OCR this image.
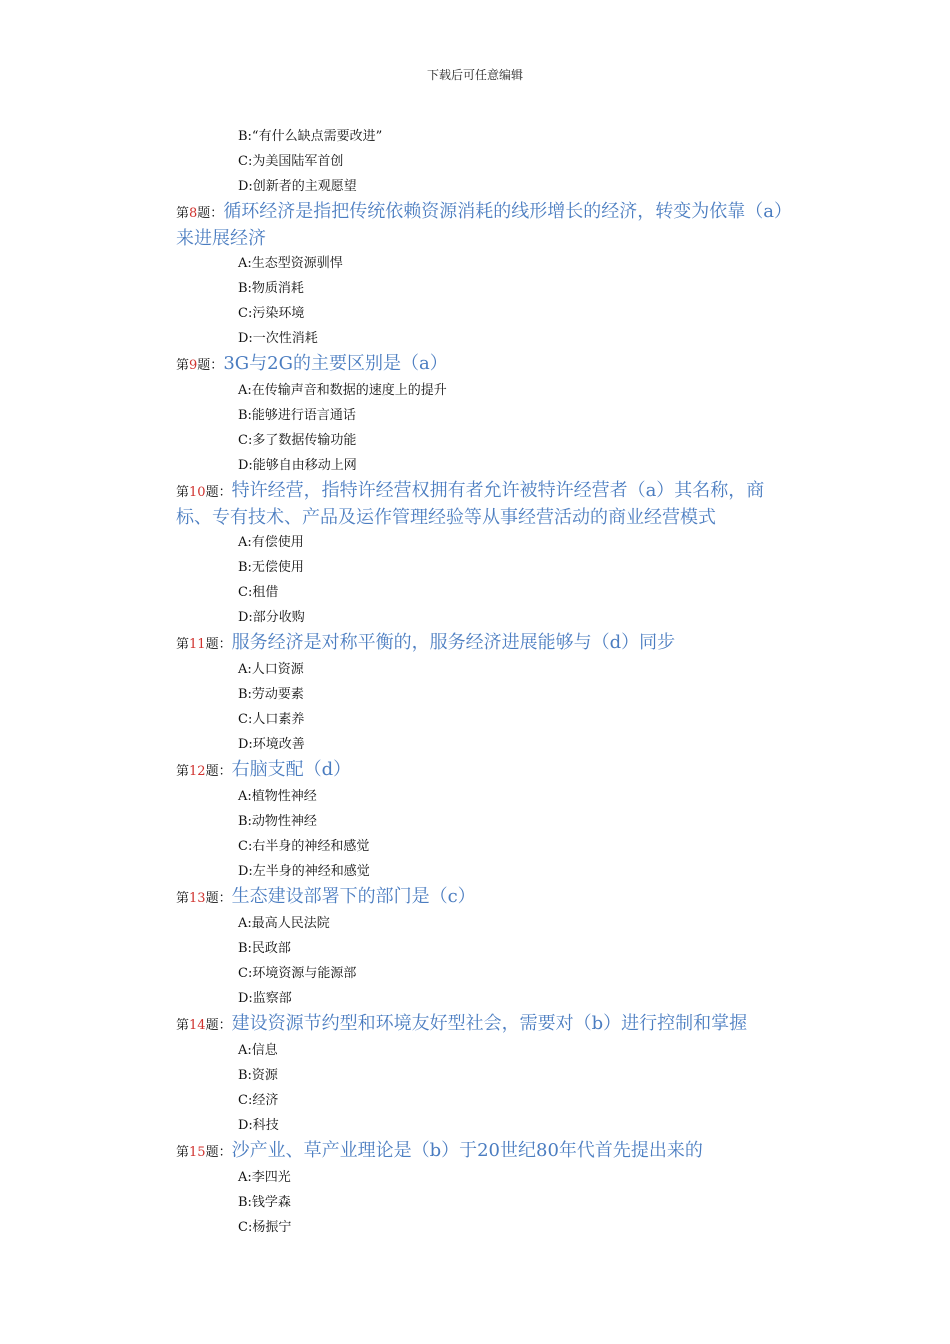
下载后可任意编辑
B:“有什么缺点需要改进”
C:为美国陆军首创
D:创新者的主观愿望
第8题：循环经济是指把传统依赖资源消耗的线形增长的经济，转变为依靠（a）来进展经济
A:生态型资源驯悍
B:物质消耗
C:污染环境
D:一次性消耗
第9题：3G与2G的主要区别是（a）
A:在传输声音和数据的速度上的提升
B:能够进行语言通话
C:多了数据传输功能
D:能够自由移动上网
第10题：特许经营，指特许经营权拥有者允许被特许经营者（a）其名称，商标、专有技术、产品及运作管理经验等从事经营活动的商业经营模式
A:有偿使用
B:无偿使用
C:租借
D:部分收购
第11题：服务经济是对称平衡的，服务经济进展能够与（d）同步
A:人口资源
B:劳动要素
C:人口素养
D:环境改善
第12题：右脑支配（d）
A:植物性神经
B:动物性神经
C:右半身的神经和感觉
D:左半身的神经和感觉
第13题：生态建设部署下的部门是（c）
A:最高人民法院
B:民政部
C:环境资源与能源部
D:监察部
第14题：建设资源节约型和环境友好型社会，需要对（b）进行控制和掌握
A:信息
B:资源
C:经济
D:科技
第15题：沙产业、草产业理论是（b）于20世纪80年代首先提出来的
A:李四光
B:钱学森
C:杨振宁
